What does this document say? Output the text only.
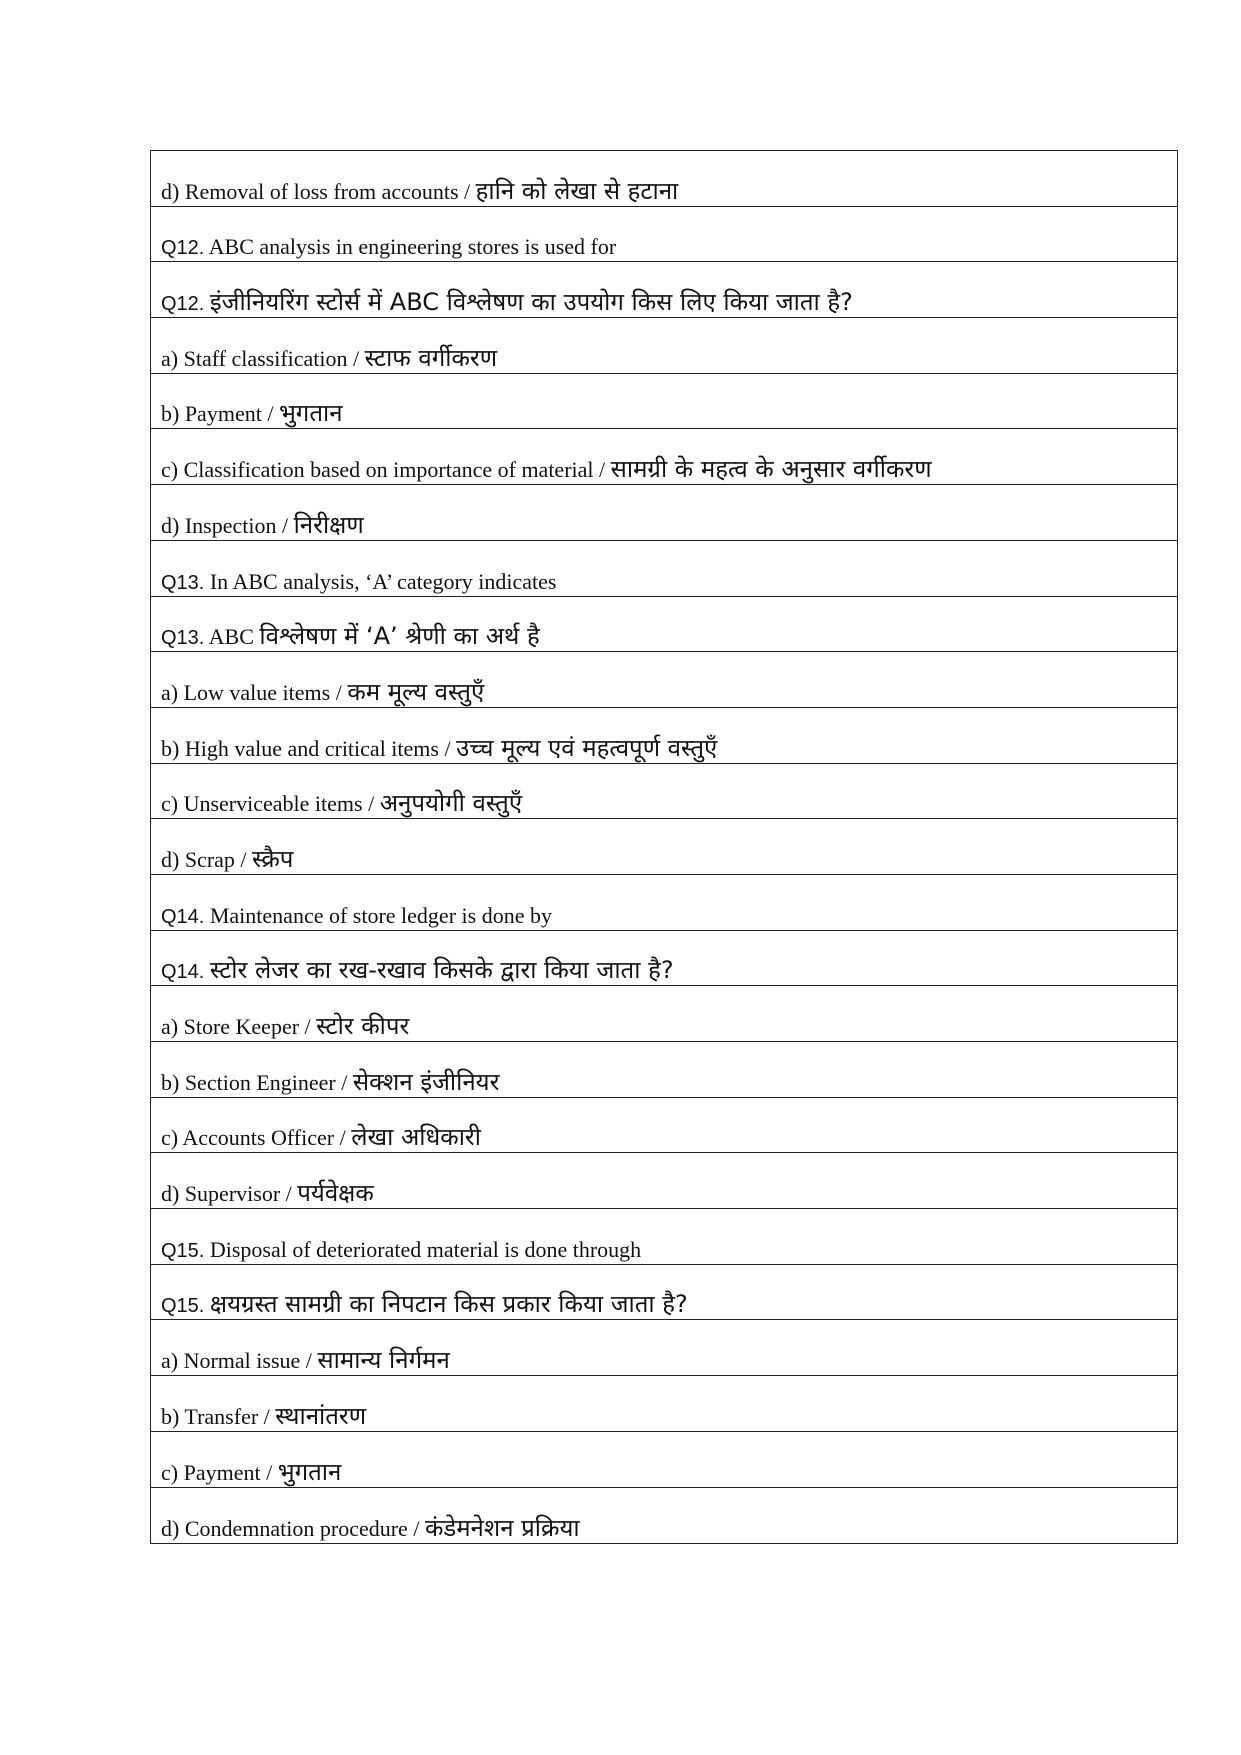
d) Removal of loss from accounts / हानि को लेखा से हटाना
Q12. ABC analysis in engineering stores is used for
Q12. इंजीनियरिंग स्टोर्स में ABC विश्लेषण का उपयोग किस लिए किया जाता है?
a) Staff classification / स्टाफ वर्गीकरण
b) Payment / भुगतान
c) Classification based on importance of material / सामग्री के महत्व के अनुसार वर्गीकरण
d) Inspection / निरीक्षण
Q13. In ABC analysis, ‘A’ category indicates
Q13. ABC विश्लेषण में ‘A’ श्रेणी का अर्थ है
a) Low value items / कम मूल्य वस्तुएँ
b) High value and critical items / उच्च मूल्य एवं महत्वपूर्ण वस्तुएँ
c) Unserviceable items / अनुपयोगी वस्तुएँ
d) Scrap / स्क्रैप
Q14. Maintenance of store ledger is done by
Q14. स्टोर लेजर का रख-रखाव किसके द्वारा किया जाता है?
a) Store Keeper / स्टोर कीपर
b) Section Engineer / सेक्शन इंजीनियर
c) Accounts Officer / लेखा अधिकारी
d) Supervisor / पर्यवेक्षक
Q15. Disposal of deteriorated material is done through
Q15. क्षयग्रस्त सामग्री का निपटान किस प्रकार किया जाता है?
a) Normal issue / सामान्य निर्गमन
b) Transfer / स्थानांतरण
c) Payment / भुगतान
d) Condemnation procedure / कंडेमनेशन प्रक्रिया
